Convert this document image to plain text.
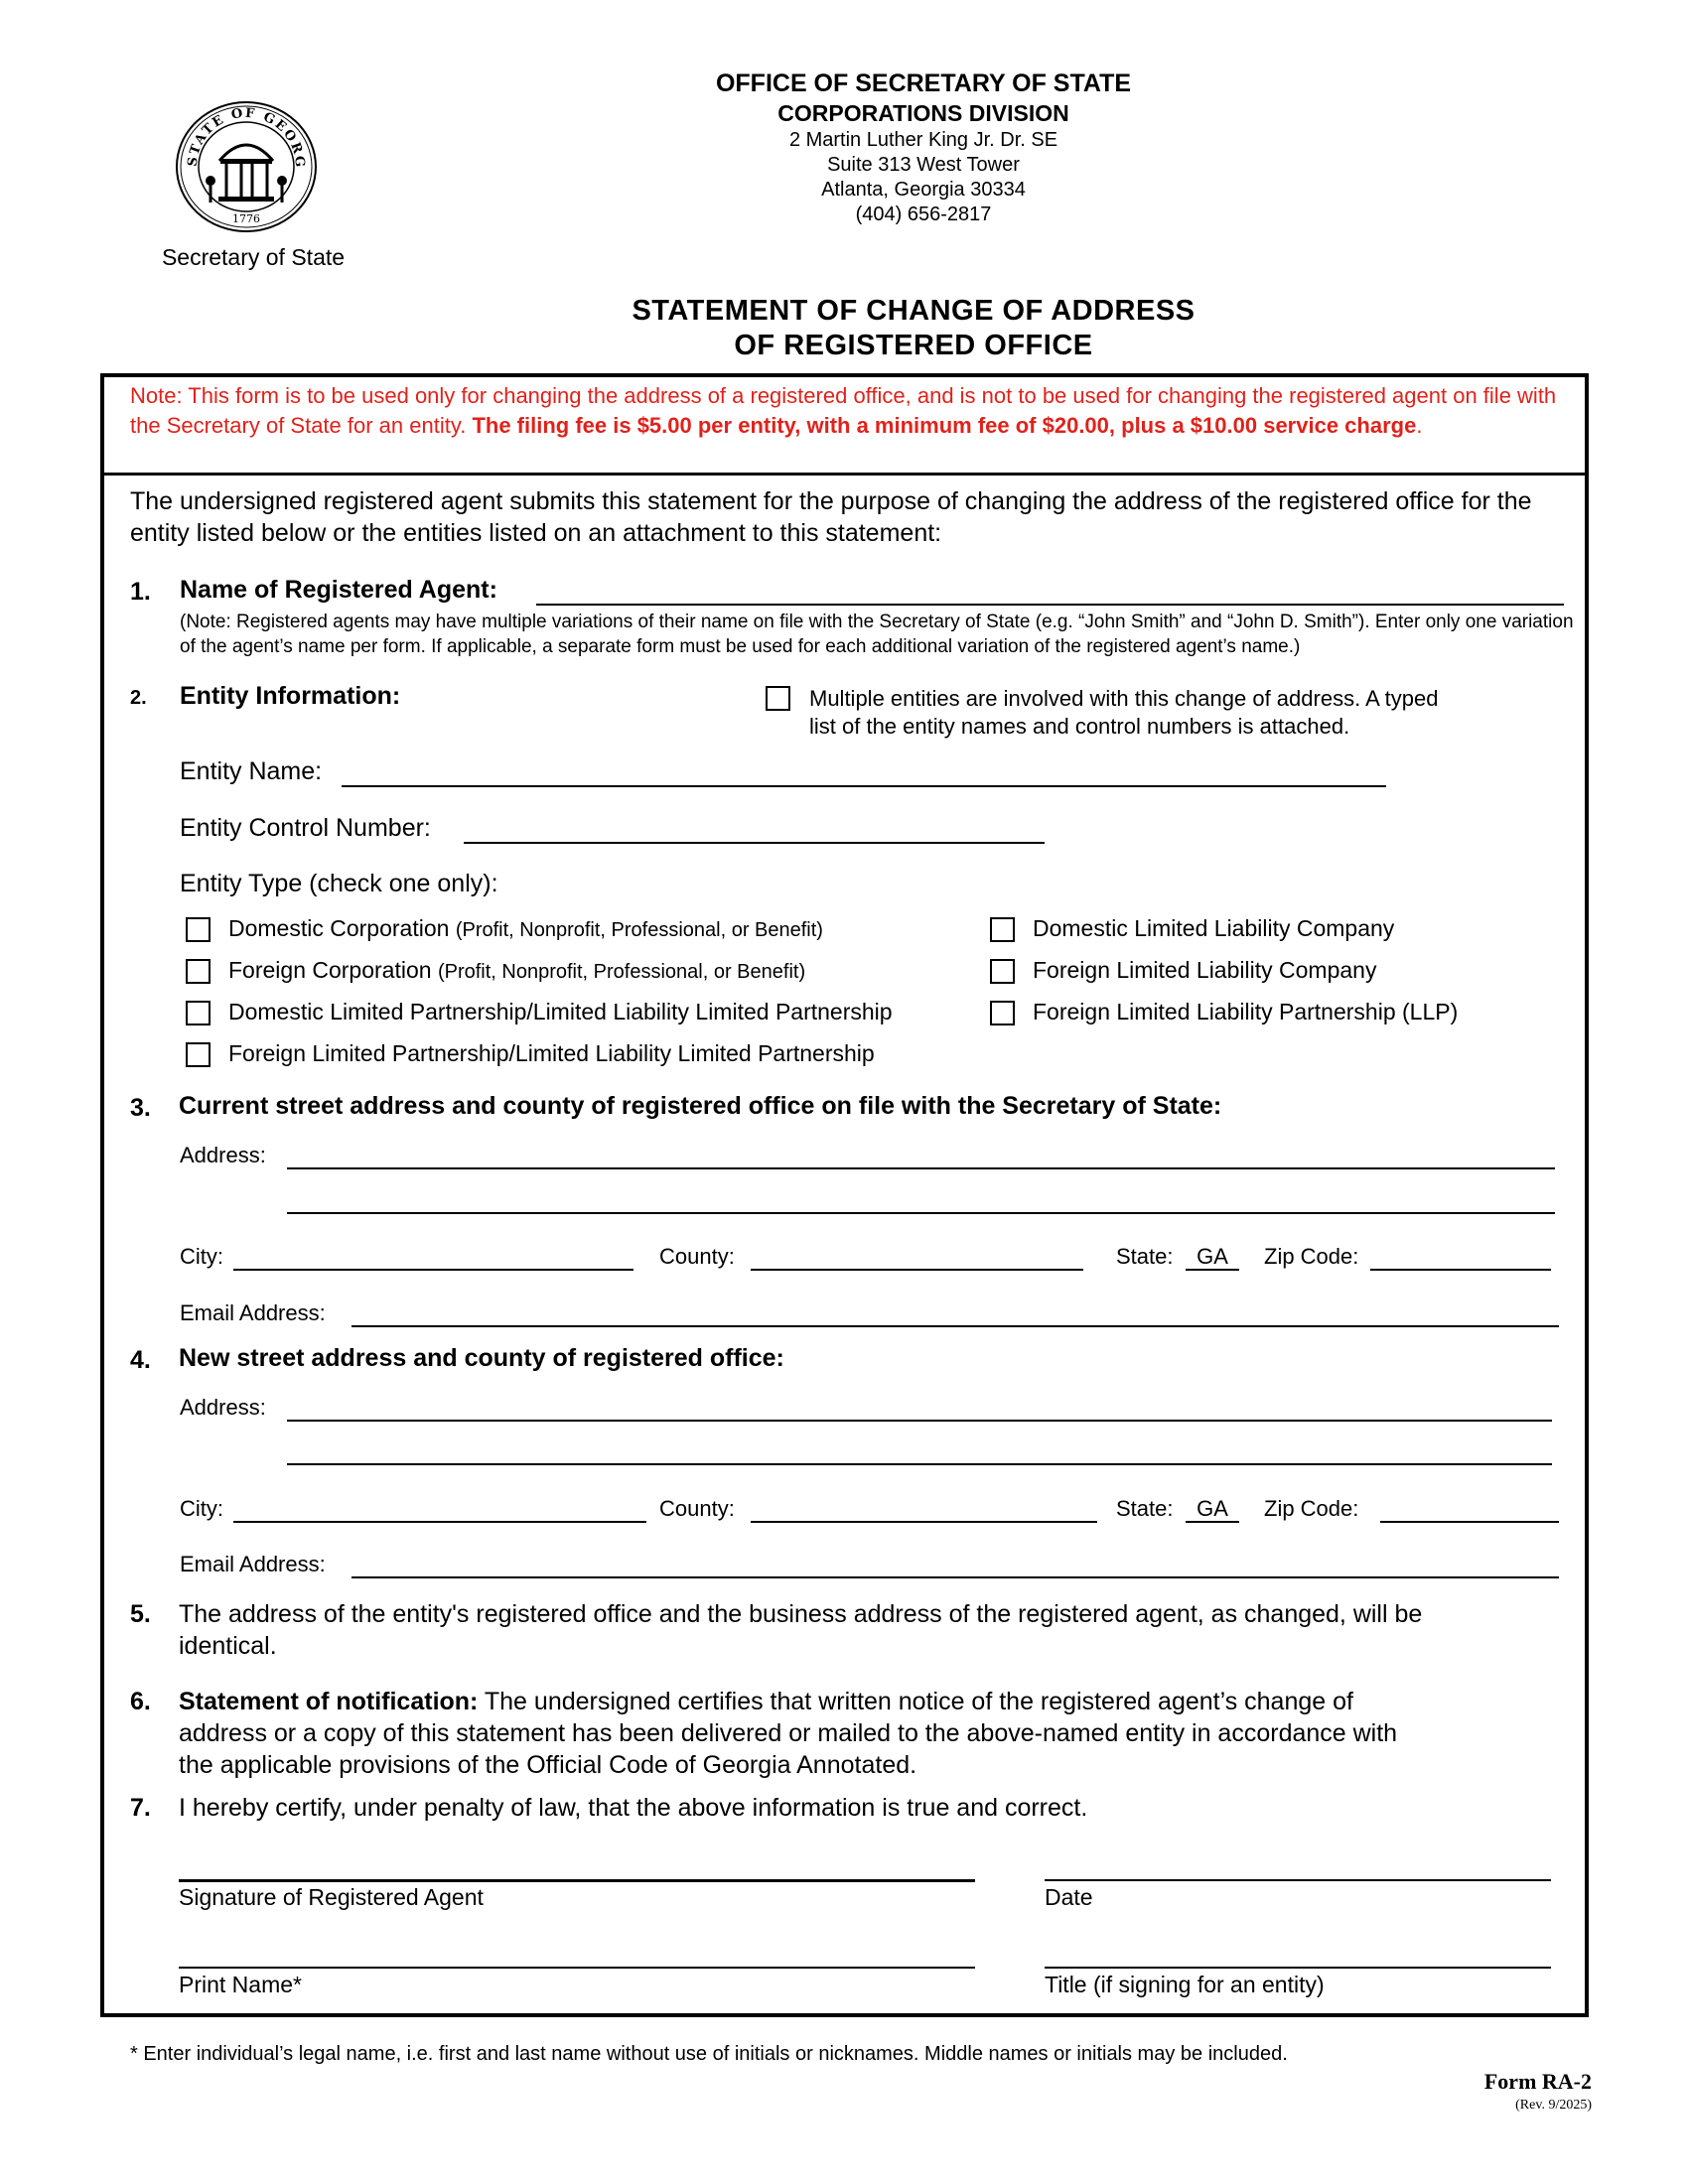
STATE OF GEORG
1776
Secretary of State
OFFICE OF SECRETARY OF STATE
CORPORATIONS DIVISION
2 Martin Luther King Jr. Dr. SE
Suite 313 West Tower
Atlanta, Georgia 30334
(404) 656-2817
STATEMENT OF CHANGE OF ADDRESS
OF REGISTERED OFFICE
Note: This form is to be used only for changing the address of a registered office, and is not to be used for changing the registered agent on file with the Secretary of State for an entity. The filing fee is $5.00 per entity, with a minimum fee of $20.00, plus a $10.00 service charge.
The undersigned registered agent submits this statement for the purpose of changing the address of the registered office for the entity listed below or the entities listed on an attachment to this statement:
1. Name of Registered Agent:
(Note: Registered agents may have multiple variations of their name on file with the Secretary of State (e.g. “John Smith” and “John D. Smith”). Enter only one variation of the agent’s name per form. If applicable, a separate form must be used for each additional variation of the registered agent’s name.)
2. Entity Information:	Multiple entities are involved with this change of address. A typed
list of the entity names and control numbers is attached.
Entity Name:
Entity Control Number:
Entity Type (check one only):
Domestic Corporation (Profit, Nonprofit, Professional, or Benefit)
Foreign Corporation (Profit, Nonprofit, Professional, or Benefit)
Domestic Limited Partnership/Limited Liability Limited Partnership
Foreign Limited Partnership/Limited Liability Limited Partnership
Domestic Limited Liability Company
Foreign Limited Liability Company
Foreign Limited Liability Partnership (LLP)
3. Current street address and county of registered office on file with the Secretary of State:
Address:
City:	County:	State:	GA	Zip Code:
Email Address:
4. New street address and county of registered office:
Address:
City:	County:	State:	GA	Zip Code:
Email Address:
5. The address of the entity's registered office and the business address of the registered agent, as changed, will be
identical.
6. Statement of notification: The undersigned certifies that written notice of the registered agent’s change of
address or a copy of this statement has been delivered or mailed to the above-named entity in accordance with
the applicable provisions of the Official Code of Georgia Annotated.
7. I hereby certify, under penalty of law, that the above information is true and correct.
Signature of Registered Agent	Date
Print Name*	Title (if signing for an entity)
* Enter individual’s legal name, i.e. first and last name without use of initials or nicknames. Middle names or initials may be included.
Form RA-2
(Rev. 9/2025)
